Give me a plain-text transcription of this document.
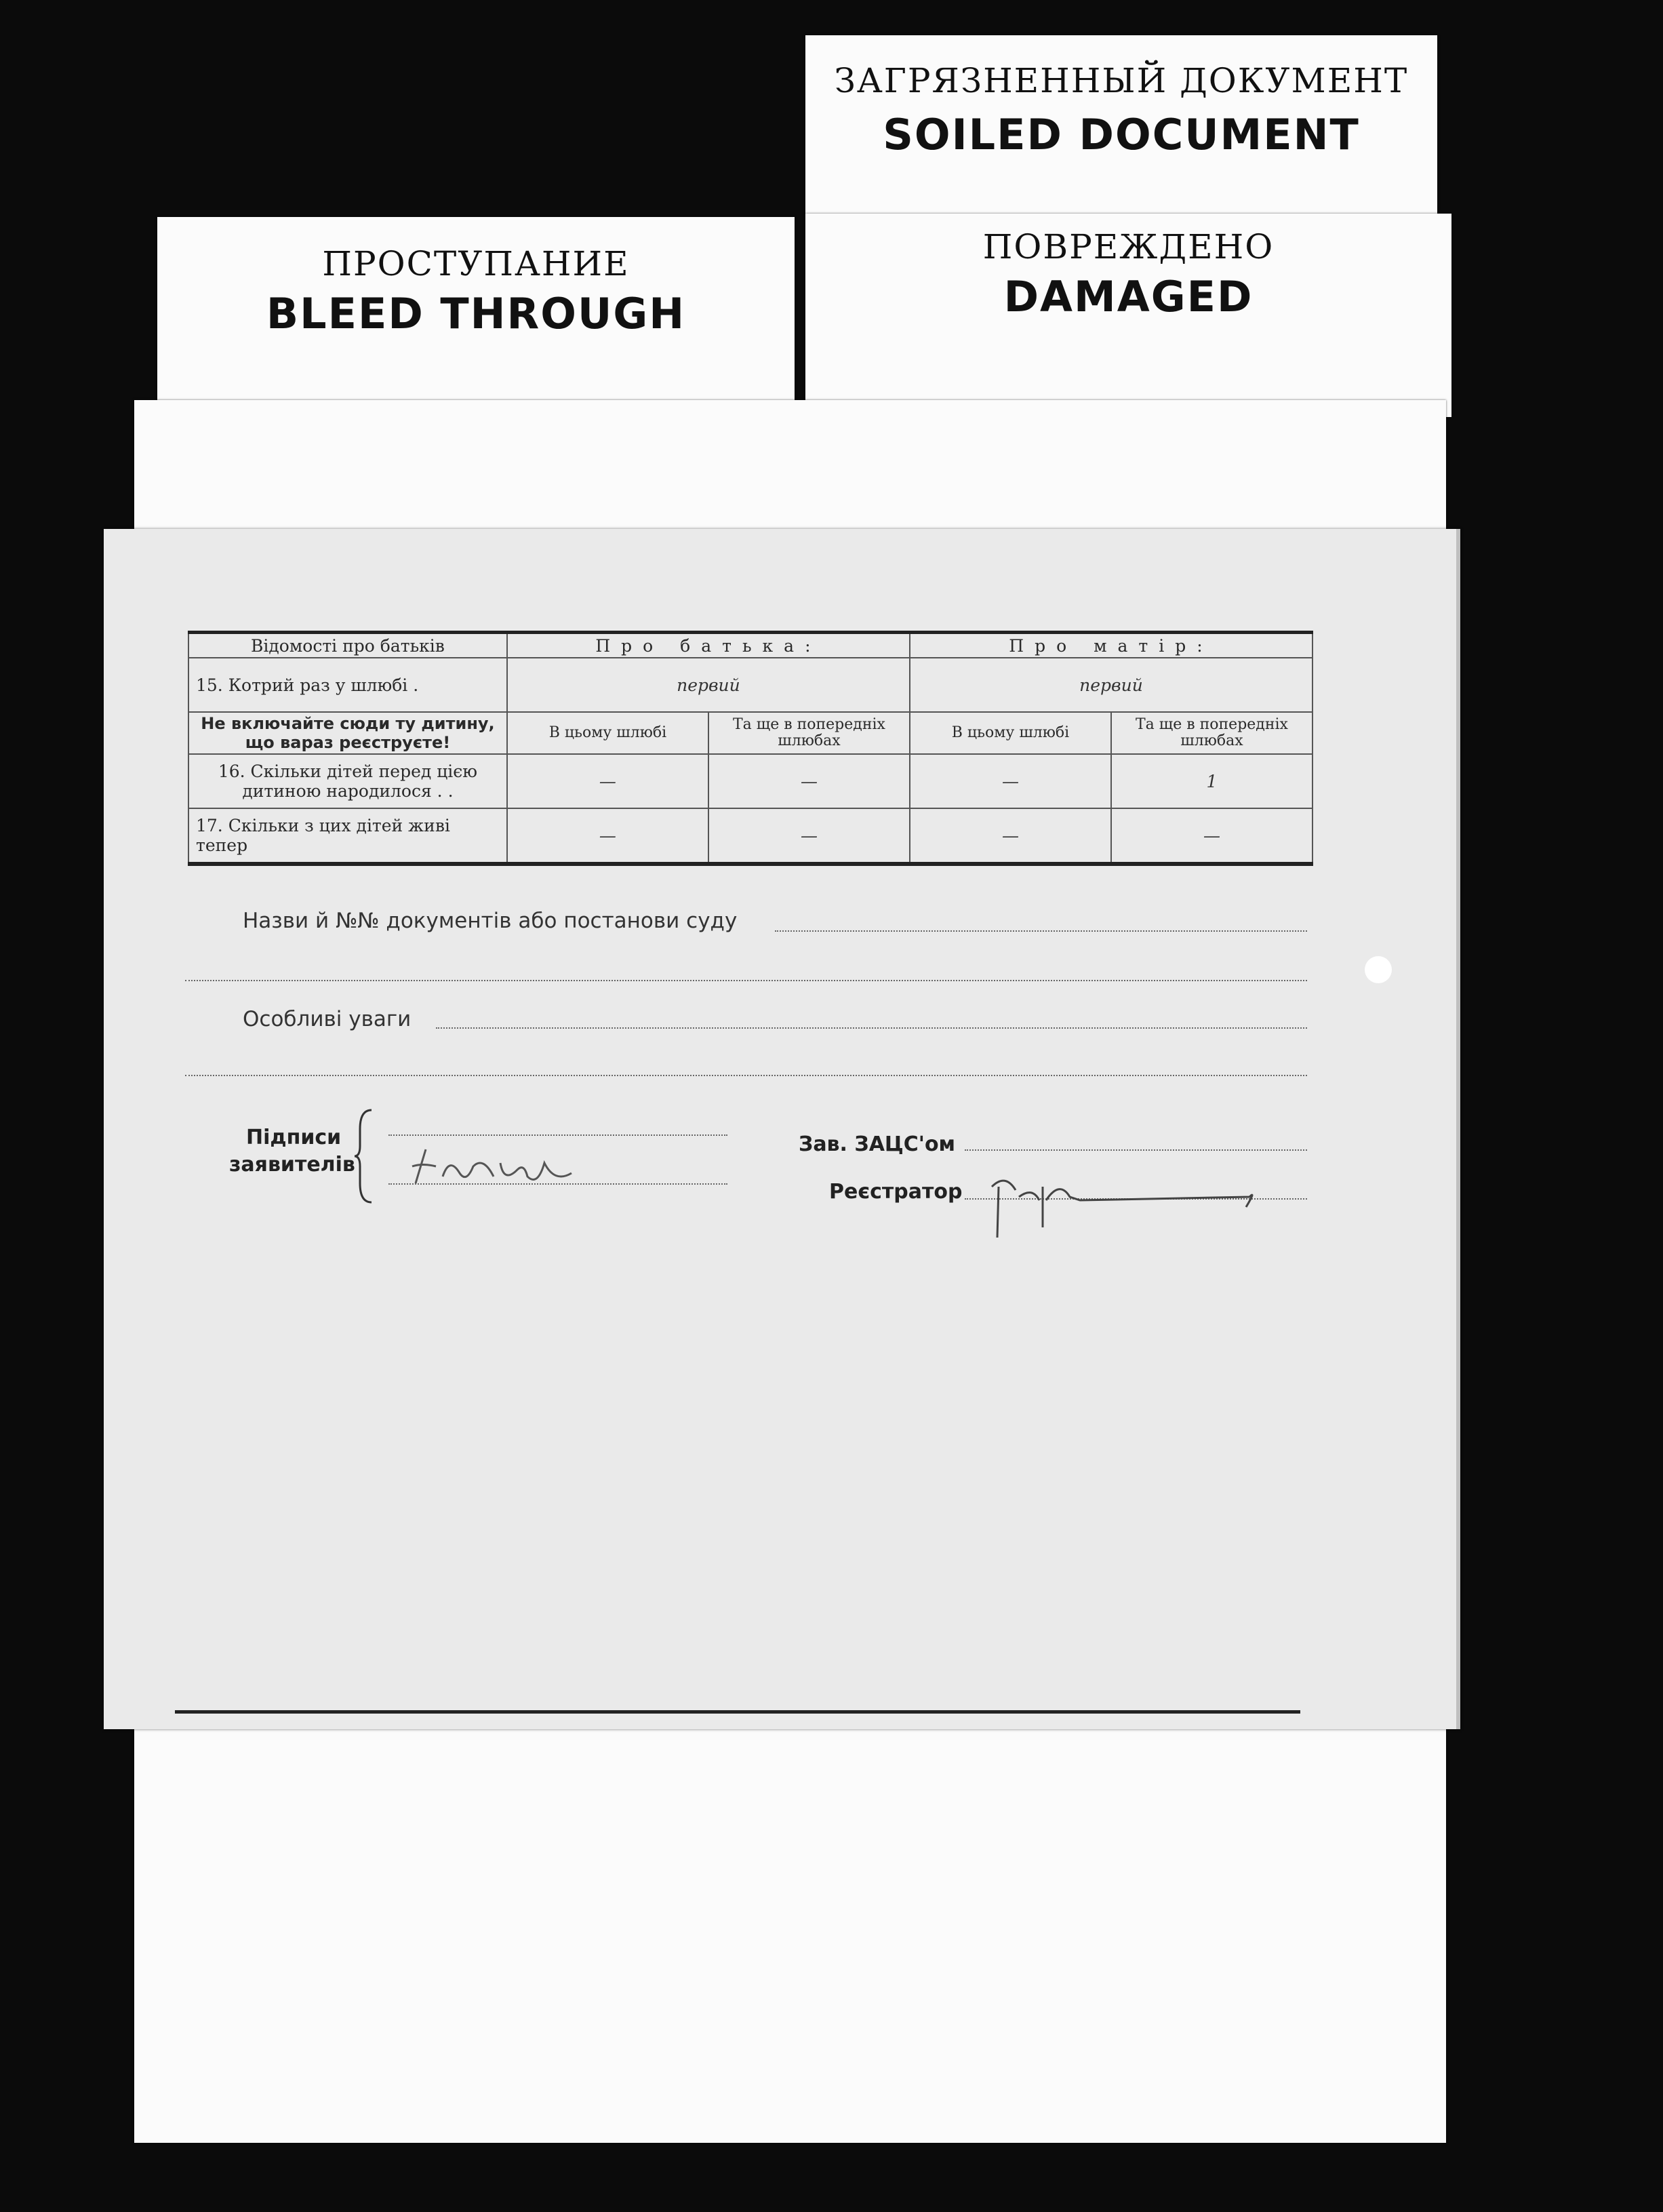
ЗАГРЯЗНЕННЫЙ ДОКУМЕНТ
SOILED DOCUMENT
ПРОСТУПАНИЕ
BLEED THROUGH
ПОВРЕЖДЕНО
DAMAGED
Відомості про батьків	Про батька:		Про матір:	
15. Котрий раз у шлюбі .	первий		первий	
Не включайте сюди ту дитину, що вараз реєструєте!	В цьому шлюбі	Та ще в попередніх шлюбах	В цьому шлюбі	Та ще в попередніх шлюбах
16. Скільки дітей перед цією дитиною народилося . .	—	—	—	1
17. Скільки з цих дітей живі тепер	—	—	—	—
Назви й №№ документів або постанови суду
Особливі уваги
Підписи
заявителів
Зав. ЗАЦС'ом
Реєстратор
